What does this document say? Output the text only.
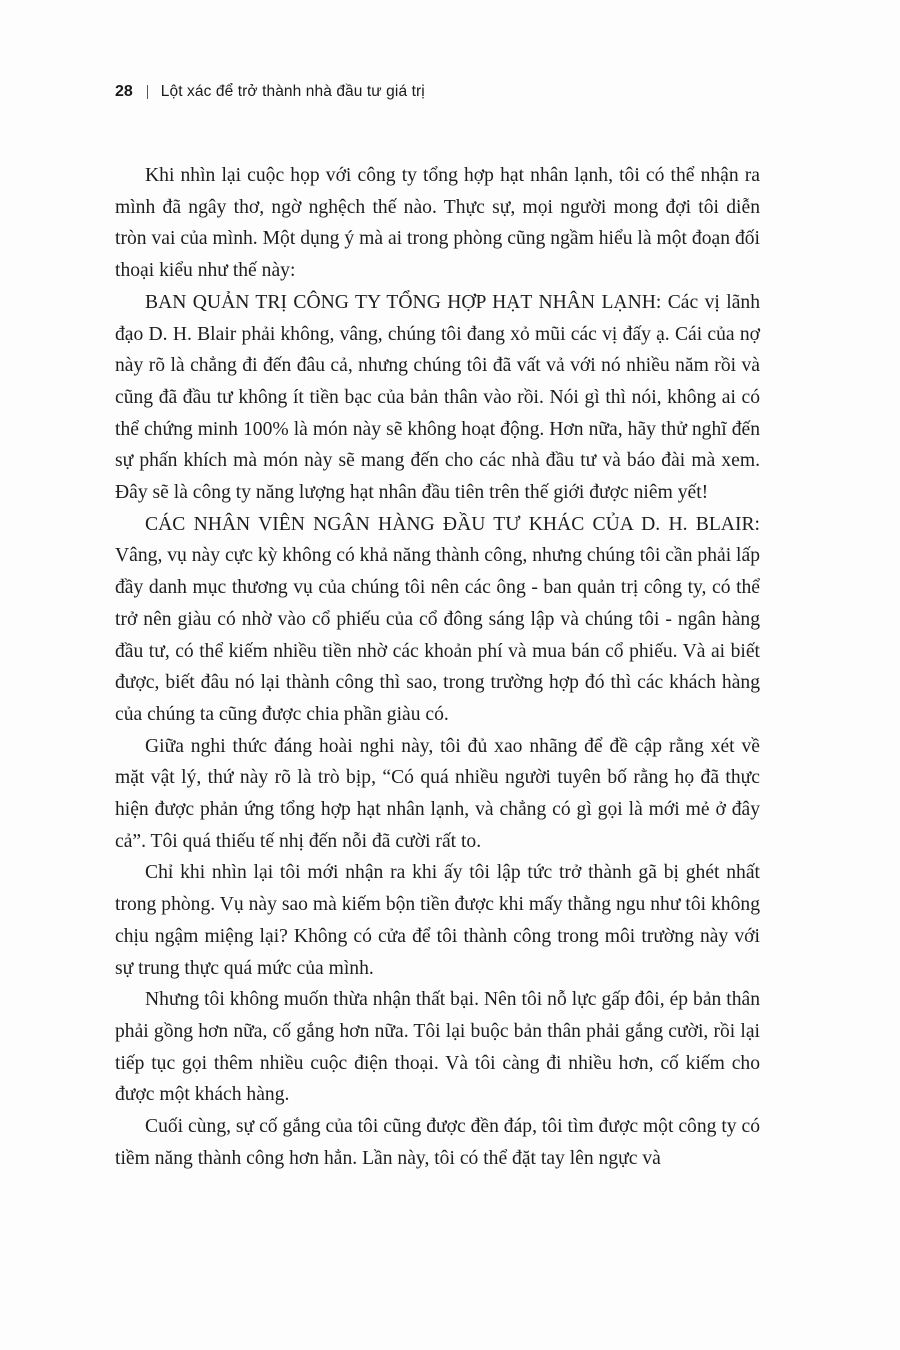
28 Lột xác để trở thành nhà đầu tư giá trị

Khi nhìn lại cuộc họp với công ty tổng hợp hạt nhân lạnh, tôi có thể nhận ra mình đã ngây thơ, ngờ nghệch thế nào. Thực sự, mọi người mong đợi tôi diễn tròn vai của mình. Một dụng ý mà ai trong phòng cũng ngầm hiểu là một đoạn đối thoại kiểu như thế này:

BAN QUẢN TRỊ CÔNG TY TỔNG HỢP HẠT NHÂN LẠNH: Các vị lãnh đạo D. H. Blair phải không, vâng, chúng tôi đang xỏ mũi các vị đấy ạ. Cái của nợ này rõ là chẳng đi đến đâu cả, nhưng chúng tôi đã vất vả với nó nhiều năm rồi và cũng đã đầu tư không ít tiền bạc của bản thân vào rồi. Nói gì thì nói, không ai có thể chứng minh 100% là món này sẽ không hoạt động. Hơn nữa, hãy thử nghĩ đến sự phấn khích mà món này sẽ mang đến cho các nhà đầu tư và báo đài mà xem. Đây sẽ là công ty năng lượng hạt nhân đầu tiên trên thế giới được niêm yết!

CÁC NHÂN VIÊN NGÂN HÀNG ĐẦU TƯ KHÁC CỦA D. H. BLAIR: Vâng, vụ này cực kỳ không có khả năng thành công, nhưng chúng tôi cần phải lấp đầy danh mục thương vụ của chúng tôi nên các ông - ban quản trị công ty, có thể trở nên giàu có nhờ vào cổ phiếu của cổ đông sáng lập và chúng tôi - ngân hàng đầu tư, có thể kiếm nhiều tiền nhờ các khoản phí và mua bán cổ phiếu. Và ai biết được, biết đâu nó lại thành công thì sao, trong trường hợp đó thì các khách hàng của chúng ta cũng được chia phần giàu có.

Giữa nghi thức đáng hoài nghi này, tôi đủ xao nhãng để đề cập rằng xét về mặt vật lý, thứ này rõ là trò bịp, “Có quá nhiều người tuyên bố rằng họ đã thực hiện được phản ứng tổng hợp hạt nhân lạnh, và chẳng có gì gọi là mới mẻ ở đây cả”. Tôi quá thiếu tế nhị đến nỗi đã cười rất to.

Chỉ khi nhìn lại tôi mới nhận ra khi ấy tôi lập tức trở thành gã bị ghét nhất trong phòng. Vụ này sao mà kiếm bộn tiền được khi mấy thằng ngu như tôi không chịu ngậm miệng lại? Không có cửa để tôi thành công trong môi trường này với sự trung thực quá mức của mình.

Nhưng tôi không muốn thừa nhận thất bại. Nên tôi nỗ lực gấp đôi, ép bản thân phải gồng hơn nữa, cố gắng hơn nữa. Tôi lại buộc bản thân phải gắng cười, rồi lại tiếp tục gọi thêm nhiều cuộc điện thoại. Và tôi càng đi nhiều hơn, cố kiếm cho được một khách hàng.

Cuối cùng, sự cố gắng của tôi cũng được đền đáp, tôi tìm được một công ty có tiềm năng thành công hơn hẳn. Lần này, tôi có thể đặt tay lên ngực và
